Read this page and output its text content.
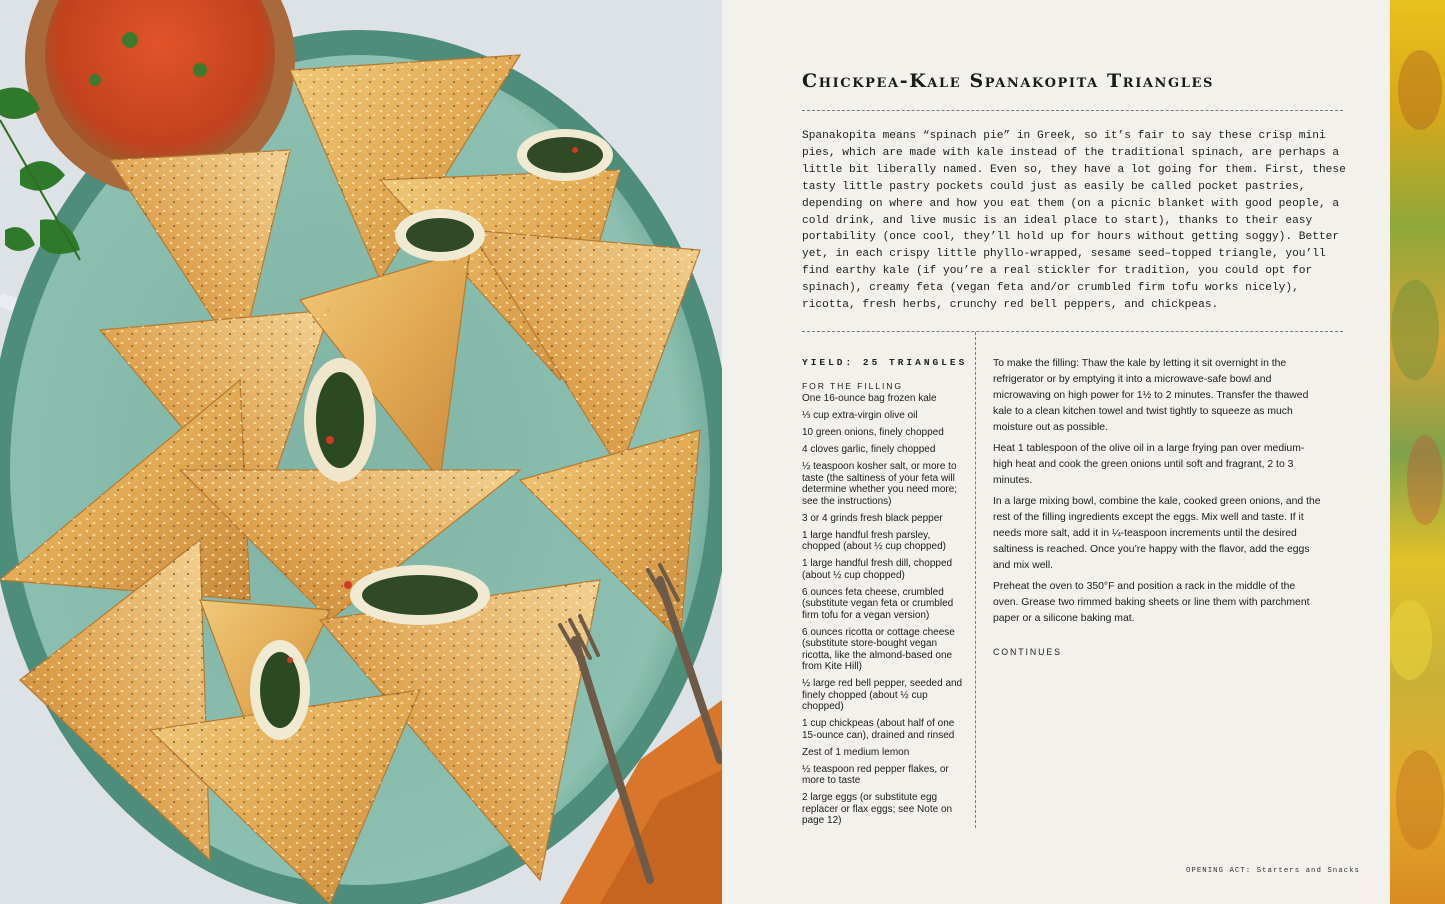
Chickpea-Kale Spanakopita Triangles

Spanakopita means “spinach pie” in Greek, so it’s fair to say these crisp mini pies, which are made with kale instead of the traditional spinach, are perhaps a little bit liberally named. Even so, they have a lot going for them. First, these tasty little pastry pockets could just as easily be called pocket pastries, depending on where and how you eat them (on a picnic blanket with good people, a cold drink, and live music is an ideal place to start), thanks to their easy portability (once cool, they’ll hold up for hours without getting soggy). Better yet, in each crispy little phyllo-wrapped, sesame seed–topped triangle, you’ll find earthy kale (if you’re a real stickler for tradition, you could opt for spinach), creamy feta (vegan feta and/or crumbled firm tofu works nicely), ricotta, fresh herbs, crunchy red bell peppers, and chickpeas.

YIELD: 25 TRIANGLES
FOR THE FILLING
One 16-ounce bag frozen kale
⅓ cup extra-virgin olive oil
10 green onions, finely chopped
4 cloves garlic, finely chopped
½ teaspoon kosher salt, or more to taste (the saltiness of your feta will determine whether you need more; see the instructions)
3 or 4 grinds fresh black pepper
1 large handful fresh parsley, chopped (about ½ cup chopped)
1 large handful fresh dill, chopped (about ½ cup chopped)
6 ounces feta cheese, crumbled (substitute vegan feta or crumbled firm tofu for a vegan version)
6 ounces ricotta or cottage cheese (substitute store-bought vegan ricotta, like the almond-based one from Kite Hill)
½ large red bell pepper, seeded and finely chopped (about ½ cup chopped)
1 cup chickpeas (about half of one 15-ounce can), drained and rinsed
Zest of 1 medium lemon
½ teaspoon red pepper flakes, or more to taste
2 large eggs (or substitute egg replacer or flax eggs; see Note on page 12)

To make the filling: Thaw the kale by letting it sit overnight in the refrigerator or by emptying it into a microwave-safe bowl and microwaving on high power for 1½ to 2 minutes. Transfer the thawed kale to a clean kitchen towel and twist tightly to squeeze as much moisture out as possible.

Heat 1 tablespoon of the olive oil in a large frying pan over medium-high heat and cook the green onions until soft and fragrant, 2 to 3 minutes.

In a large mixing bowl, combine the kale, cooked green onions, and the rest of the filling ingredients except the eggs. Mix well and taste. If it needs more salt, add it in ¼-teaspoon increments until the desired saltiness is reached. Once you’re happy with the flavor, add the eggs and mix well.

Preheat the oven to 350°F and position a rack in the middle of the oven. Grease two rimmed baking sheets or line them with parchment paper or a silicone baking mat.

CONTINUES
OPENING ACT: Starters and Snacks
